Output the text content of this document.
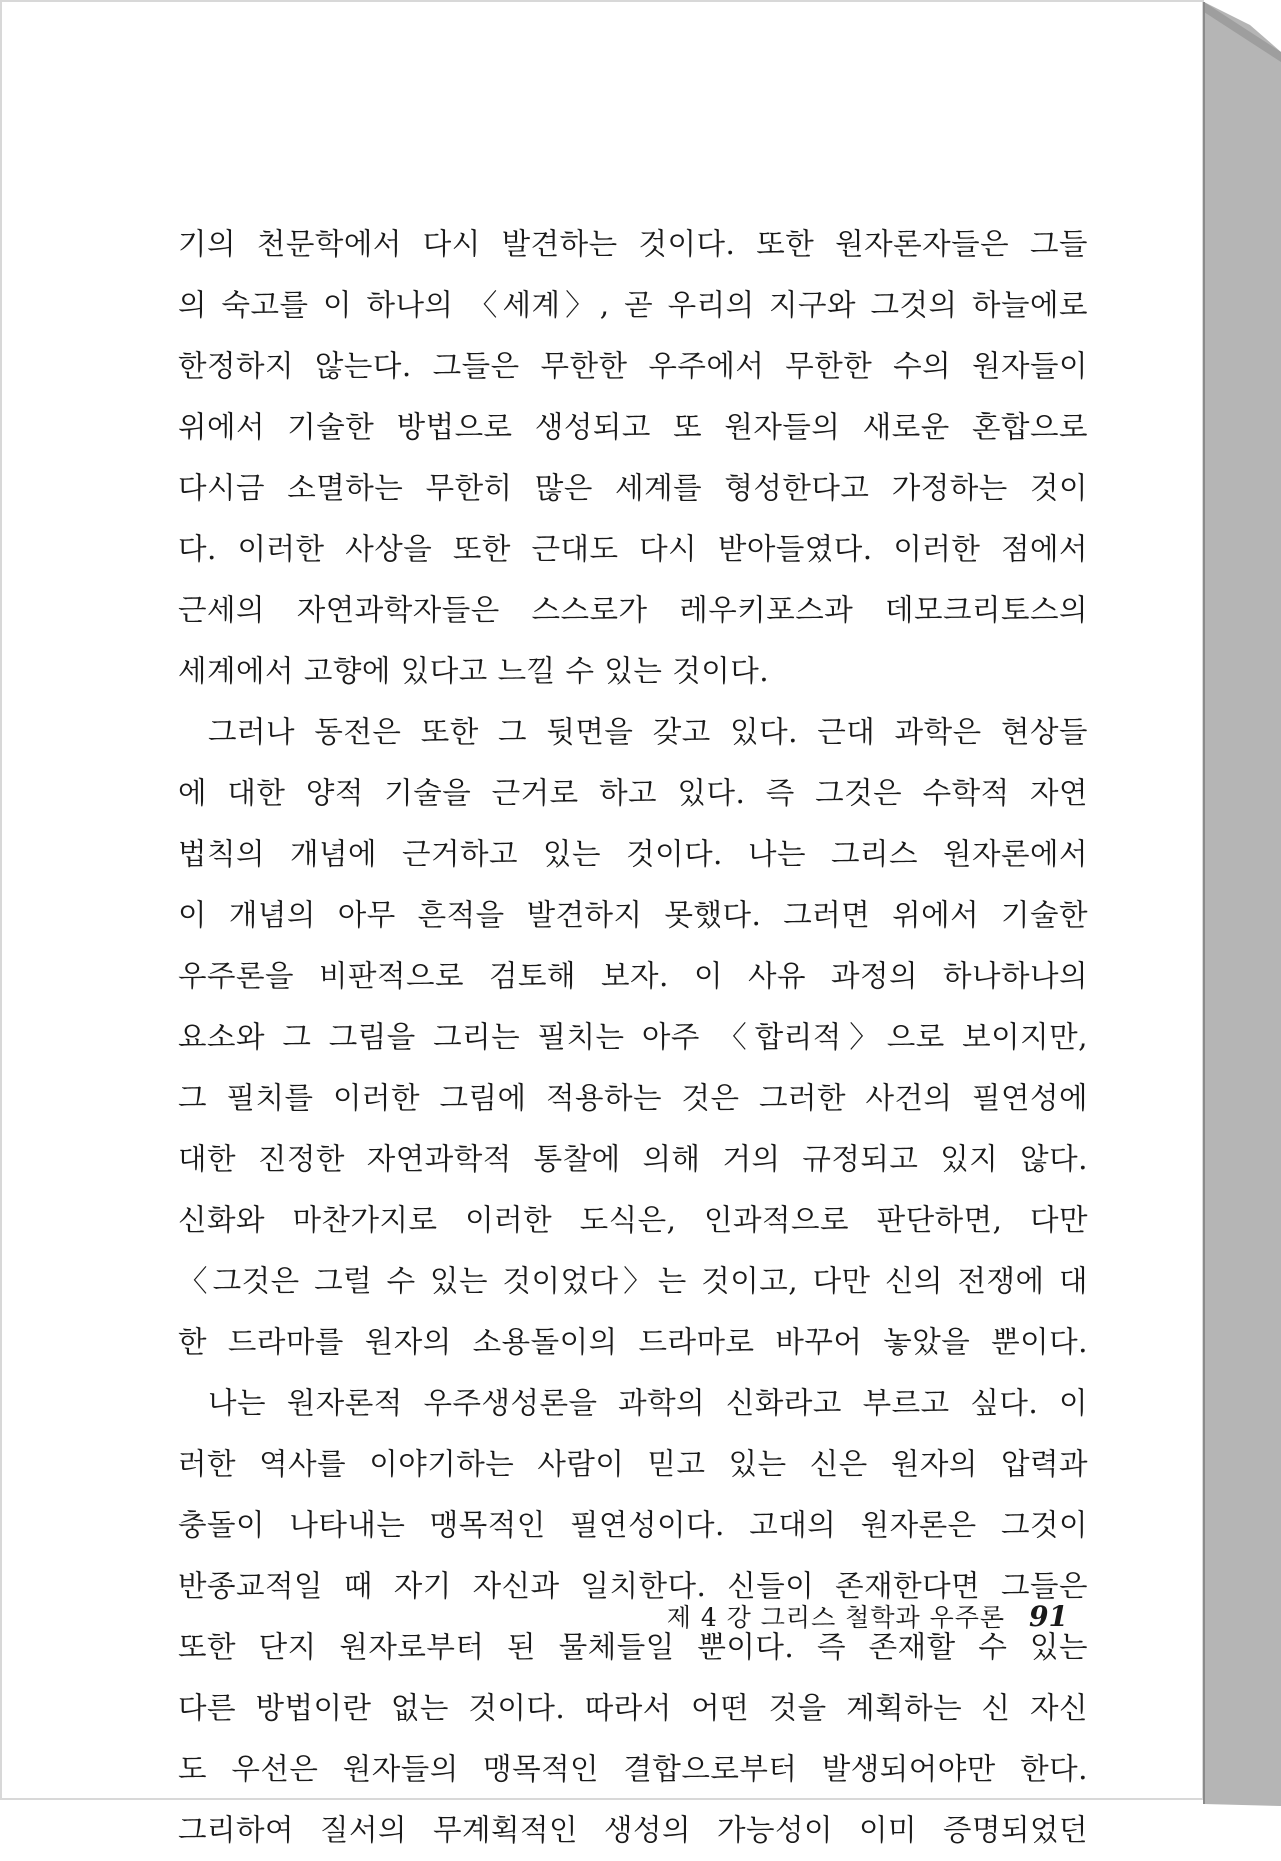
기의 천문학에서 다시 발견하는 것이다. 또한 원자론자들은 그들
의 숙고를 이 하나의 〈세계〉, 곧 우리의 지구와 그것의 하늘에로
한정하지 않는다. 그들은 무한한 우주에서 무한한 수의 원자들이
위에서 기술한 방법으로 생성되고 또 원자들의 새로운 혼합으로
다시금 소멸하는 무한히 많은 세계를 형성한다고 가정하는 것이
다. 이러한 사상을 또한 근대도 다시 받아들였다. 이러한 점에서
근세의 자연과학자들은 스스로가 레우키포스과 데모크리토스의
세계에서 고향에 있다고 느낄 수 있는 것이다.
그러나 동전은 또한 그 뒷면을 갖고 있다. 근대 과학은 현상들
에 대한 양적 기술을 근거로 하고 있다. 즉 그것은 수학적 자연
법칙의 개념에 근거하고 있는 것이다. 나는 그리스 원자론에서
이 개념의 아무 흔적을 발견하지 못했다. 그러면 위에서 기술한
우주론을 비판적으로 검토해 보자. 이 사유 과정의 하나하나의
요소와 그 그림을 그리는 필치는 아주 〈합리적〉으로 보이지만,
그 필치를 이러한 그림에 적용하는 것은 그러한 사건의 필연성에
대한 진정한 자연과학적 통찰에 의해 거의 규정되고 있지 않다.
신화와 마찬가지로 이러한 도식은, 인과적으로 판단하면, 다만
〈그것은 그럴 수 있는 것이었다〉는 것이고, 다만 신의 전쟁에 대
한 드라마를 원자의 소용돌이의 드라마로 바꾸어 놓았을 뿐이다.
나는 원자론적 우주생성론을 과학의 신화라고 부르고 싶다. 이
러한 역사를 이야기하는 사람이 믿고 있는 신은 원자의 압력과
충돌이 나타내는 맹목적인 필연성이다. 고대의 원자론은 그것이
반종교적일 때 자기 자신과 일치한다. 신들이 존재한다면 그들은
또한 단지 원자로부터 된 물체들일 뿐이다. 즉 존재할 수 있는
다른 방법이란 없는 것이다. 따라서 어떤 것을 계획하는 신 자신
도 우선은 원자들의 맹목적인 결합으로부터 발생되어야만 한다.
그리하여 질서의 무계획적인 생성의 가능성이 이미 증명되었던
제 4 강 그리스 철학과 우주론 91
